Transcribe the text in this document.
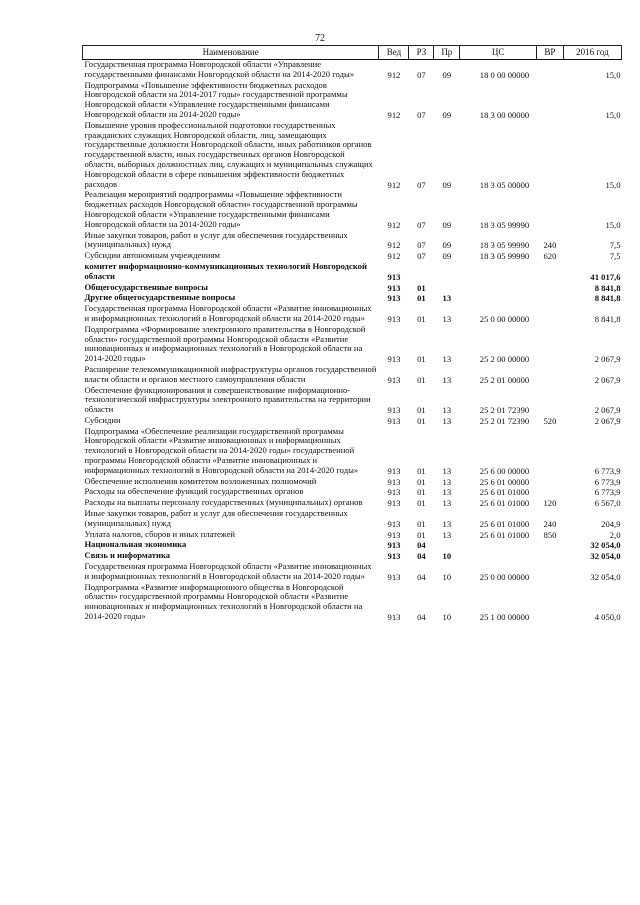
72
Наименование	Вед	РЗ	Пр	ЦС	ВР	2016 год
Государственная программа Новгородской области «Управление государственными финансами Новгородской области на 2014-2020 годы»	912	07	09	18 0 00 00000		15,0
Подпрограмма «Повышение эффективности бюджетных расходов Новгородской области на 2014-2017 годы» государственной программы Новгородской области «Управление государственными финансами Новгородской области на 2014-2020 годы»	912	07	09	18 3 00 00000		15,0
Повышение уровня профессиональной подготовки государственных гражданских служащих Новгородской области, лиц, замещающих государственные должности Новгородской области, иных работников органов государственной власти, иных государственных органов Новгородской области, выборных должностных лиц, служащих и муниципальных служащих Новгородской области в сфере повышения эффективности бюджетных расходов	912	07	09	18 3 05 00000		15,0
Реализация мероприятий подпрограммы «Повышение эффективности бюджетных расходов Новгородской области» государственной программы Новгородской области «Управление государственными финансами Новгородской области на 2014-2020 годы»	912	07	09	18 3 05 99990		15,0
Иные закупки товаров, работ и услуг для обеспечения государственных (муниципальных) нужд	912	07	09	18 3 05 99990	240	7,5
Субсидии автономным учреждениям	912	07	09	18 3 05 99990	620	7,5
комитет информационно-коммуникационных технологий Новгородской области	913					41 017,6
Общегосударственные вопросы	913	01				8 841,8
Другие общегосударственные вопросы	913	01	13			8 841,8
Государственная программа Новгородской области «Развитие инновационных и информационных технологий в Новгородской области на 2014-2020 годы»	913	01	13	25 0 00 00000		8 841,8
Подпрограмма «Формирование электронного правительства в Новгородской области» государственной программы Новгородской области «Развитие инновационных и информационных технологий в Новгородской области на 2014-2020 годы»	913	01	13	25 2 00 00000		2 067,9
Расширение телекоммуникационной инфраструктуры органов государственной власти области и органов местного самоуправления области	913	01	13	25 2 01 00000		2 067,9
Обеспечение функционирования и совершенствование информационно-технологической инфраструктуры электронного правительства на территории области	913	01	13	25 2 01 72390		2 067,9
Субсидии	913	01	13	25 2 01 72390	520	2 067,9
Подпрограмма «Обеспечение реализации государственной программы Новгородской области «Развитие инновационных и информационных технологий в Новгородской области на 2014-2020 годы» государственной программы Новгородской области «Развитие инновационных и информационных технологий в Новгородской области на 2014-2020 годы»	913	01	13	25 6 00 00000		6 773,9
Обеспечение исполнения комитетом возложенных полномочий	913	01	13	25 6 01 00000		6 773,9
Расходы на обеспечение функций государственных органов	913	01	13	25 6 01 01000		6 773,9
Расходы на выплаты персоналу государственных (муниципальных) органов	913	01	13	25 6 01 01000	120	6 567,0
Иные закупки товаров, работ и услуг для обеспечения государственных (муниципальных) нужд	913	01	13	25 6 01 01000	240	204,9
Уплата налогов, сборов и иных платежей	913	01	13	25 6 01 01000	850	2,0
Национальная экономика	913	04				32 054,0
Связь и информатика	913	04	10			32 054,0
Государственная программа Новгородской области «Развитие инновационных и информационных технологий в Новгородской области на 2014-2020 годы»	913	04	10	25 0 00 00000		32 054,0
Подпрограмма «Развитие информационного общества в Новгородской области» государственной программы Новгородской области «Развитие инновационных и информационных технологий в Новгородской области на 2014-2020 годы»	913	04	10	25 1 00 00000		4 050,0
